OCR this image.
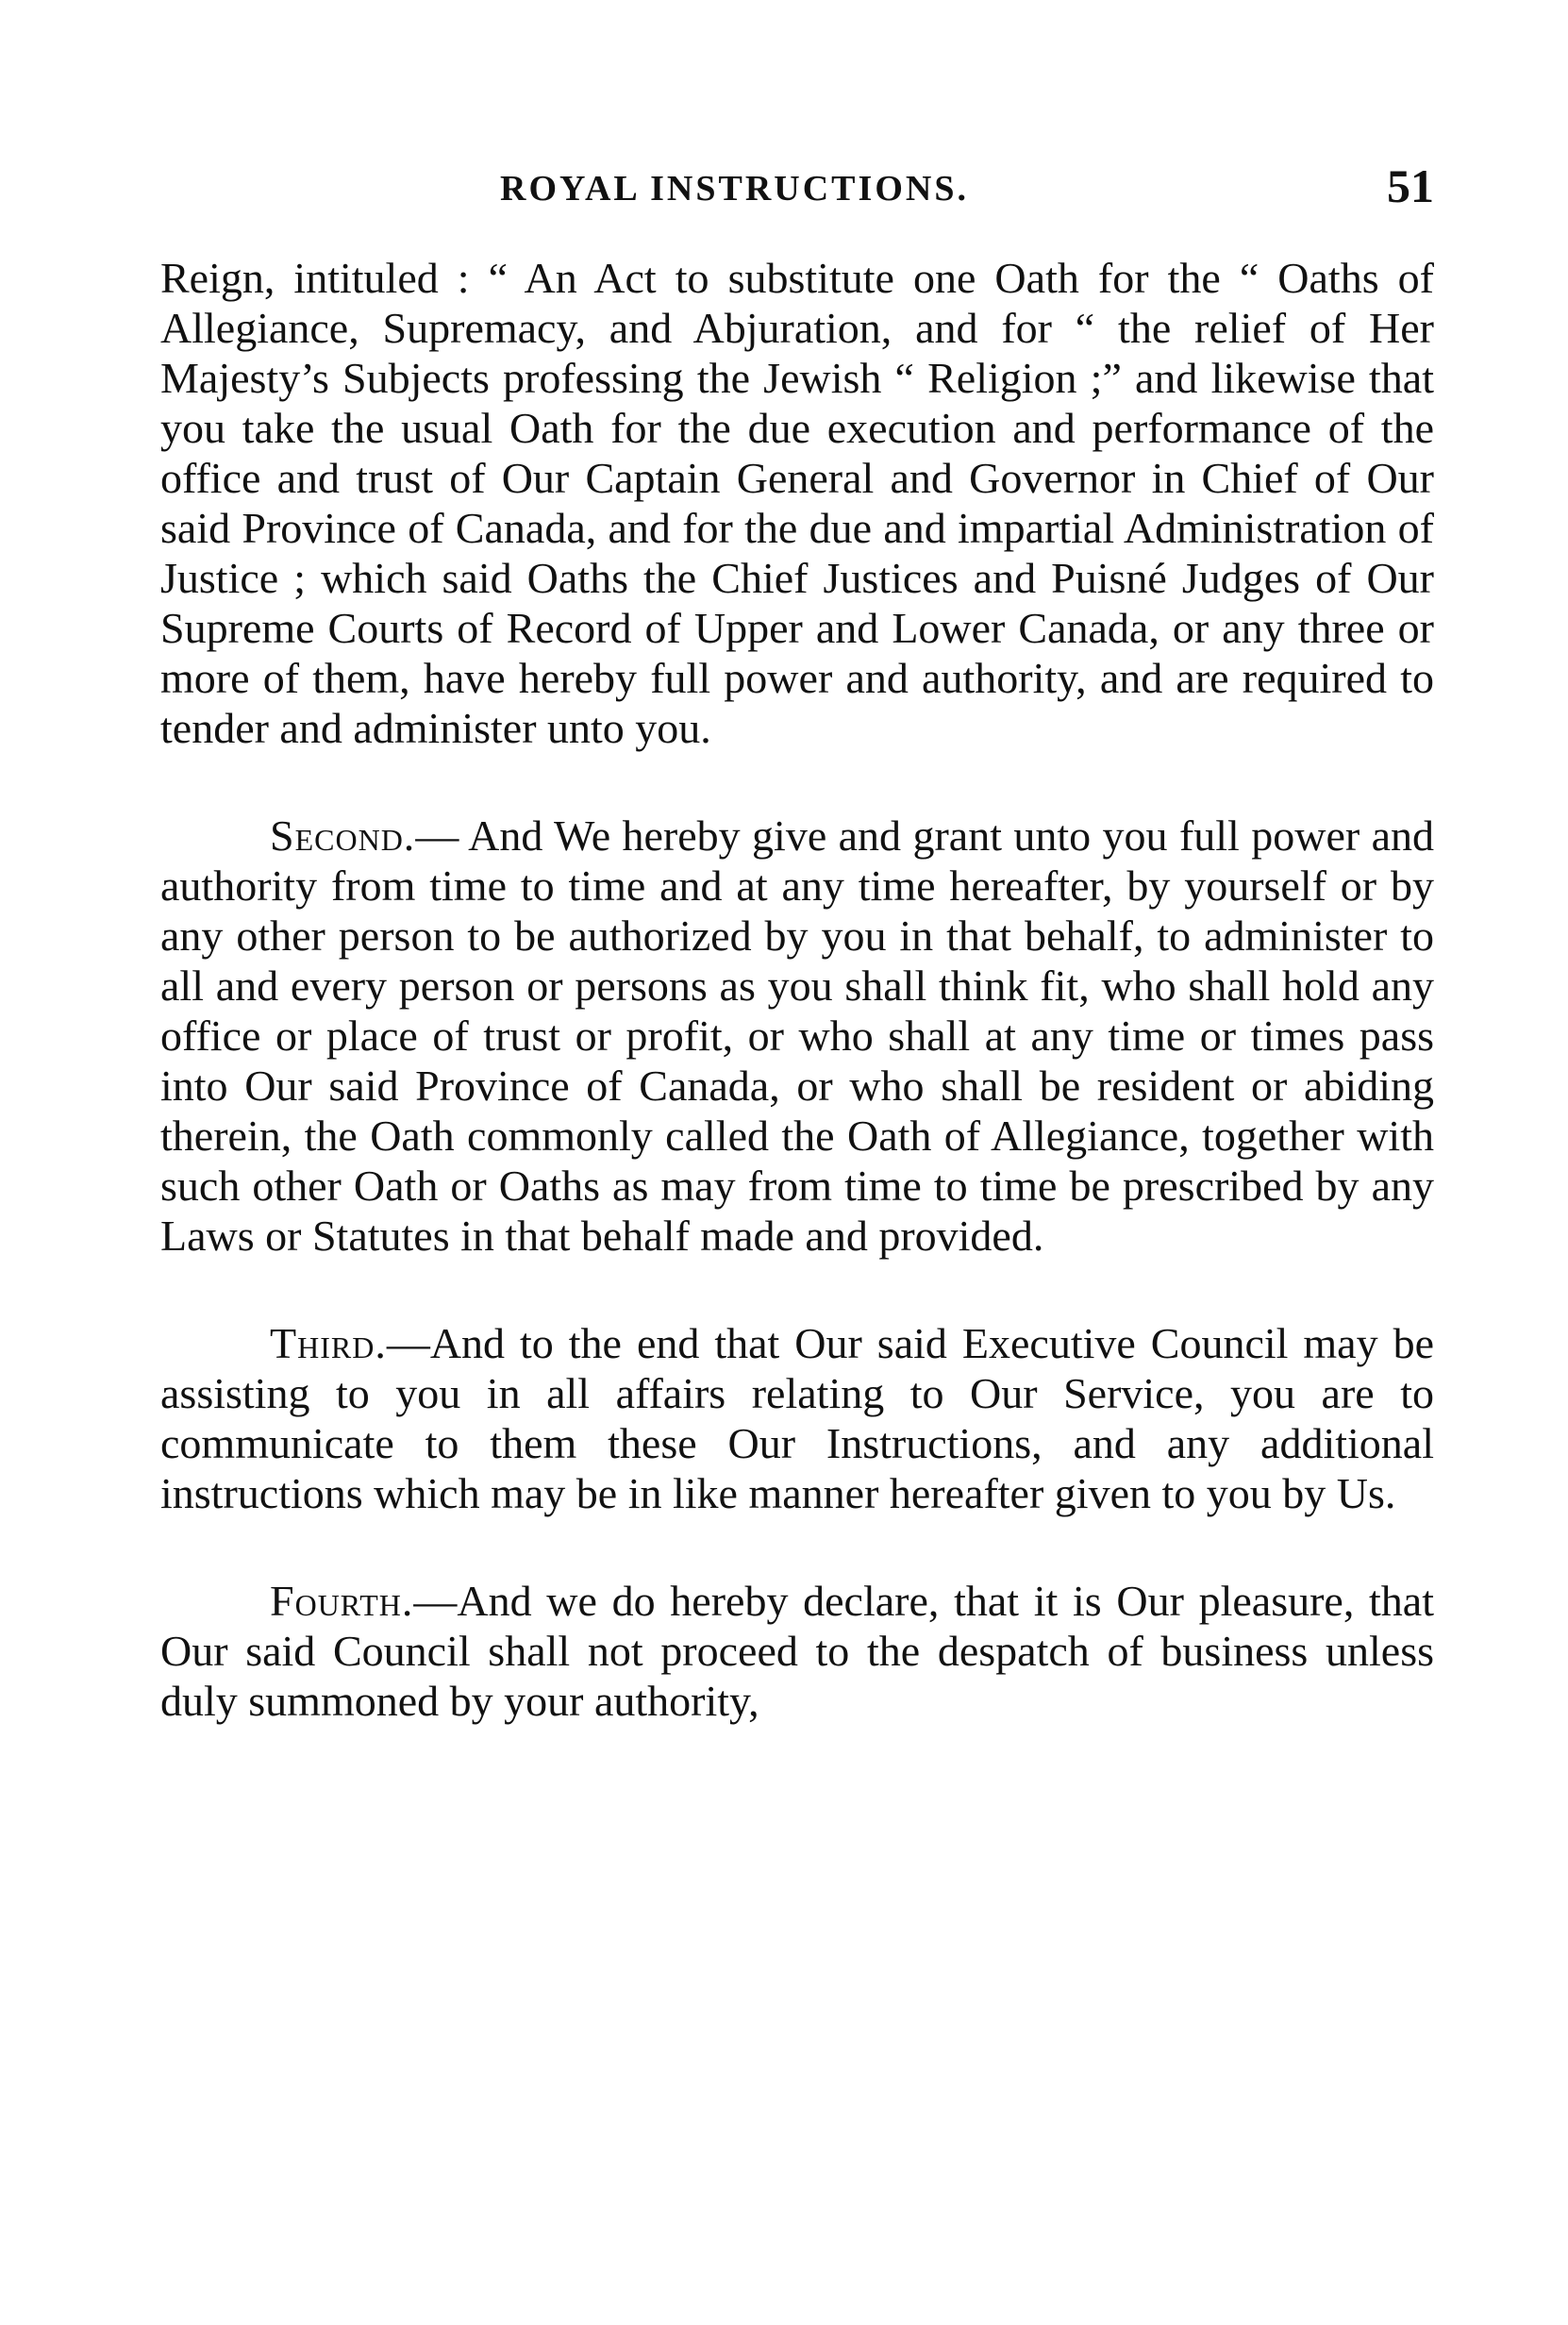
ROYAL INSTRUCTIONS.	51

Reign, intituled : “ An Act to substitute one Oath for the “ Oaths of Allegiance, Supremacy, and Abjuration, and for “ the relief of Her Majesty’s Subjects professing the Jewish “ Religion ;” and likewise that you take the usual Oath for the due execution and performance of the office and trust of Our Captain General and Governor in Chief of Our said Province of Canada, and for the due and impartial Administration of Justice ; which said Oaths the Chief Justices and Puisné Judges of Our Supreme Courts of Record of Upper and Lower Canada, or any three or more of them, have hereby full power and authority, and are required to tender and administer unto you.

Second.— And We hereby give and grant unto you full power and authority from time to time and at any time hereafter, by yourself or by any other person to be authorized by you in that behalf, to administer to all and every person or persons as you shall think fit, who shall hold any office or place of trust or profit, or who shall at any time or times pass into Our said Province of Canada, or who shall be resident or abiding therein, the Oath commonly called the Oath of Allegiance, together with such other Oath or Oaths as may from time to time be prescribed by any Laws or Statutes in that behalf made and provided.

Third.—And to the end that Our said Executive Council may be assisting to you in all affairs relating to Our Service, you are to communicate to them these Our Instructions, and any additional instructions which may be in like manner hereafter given to you by Us.

Fourth.—And we do hereby declare, that it is Our pleasure, that Our said Council shall not proceed to the despatch of business unless duly summoned by your authority,
